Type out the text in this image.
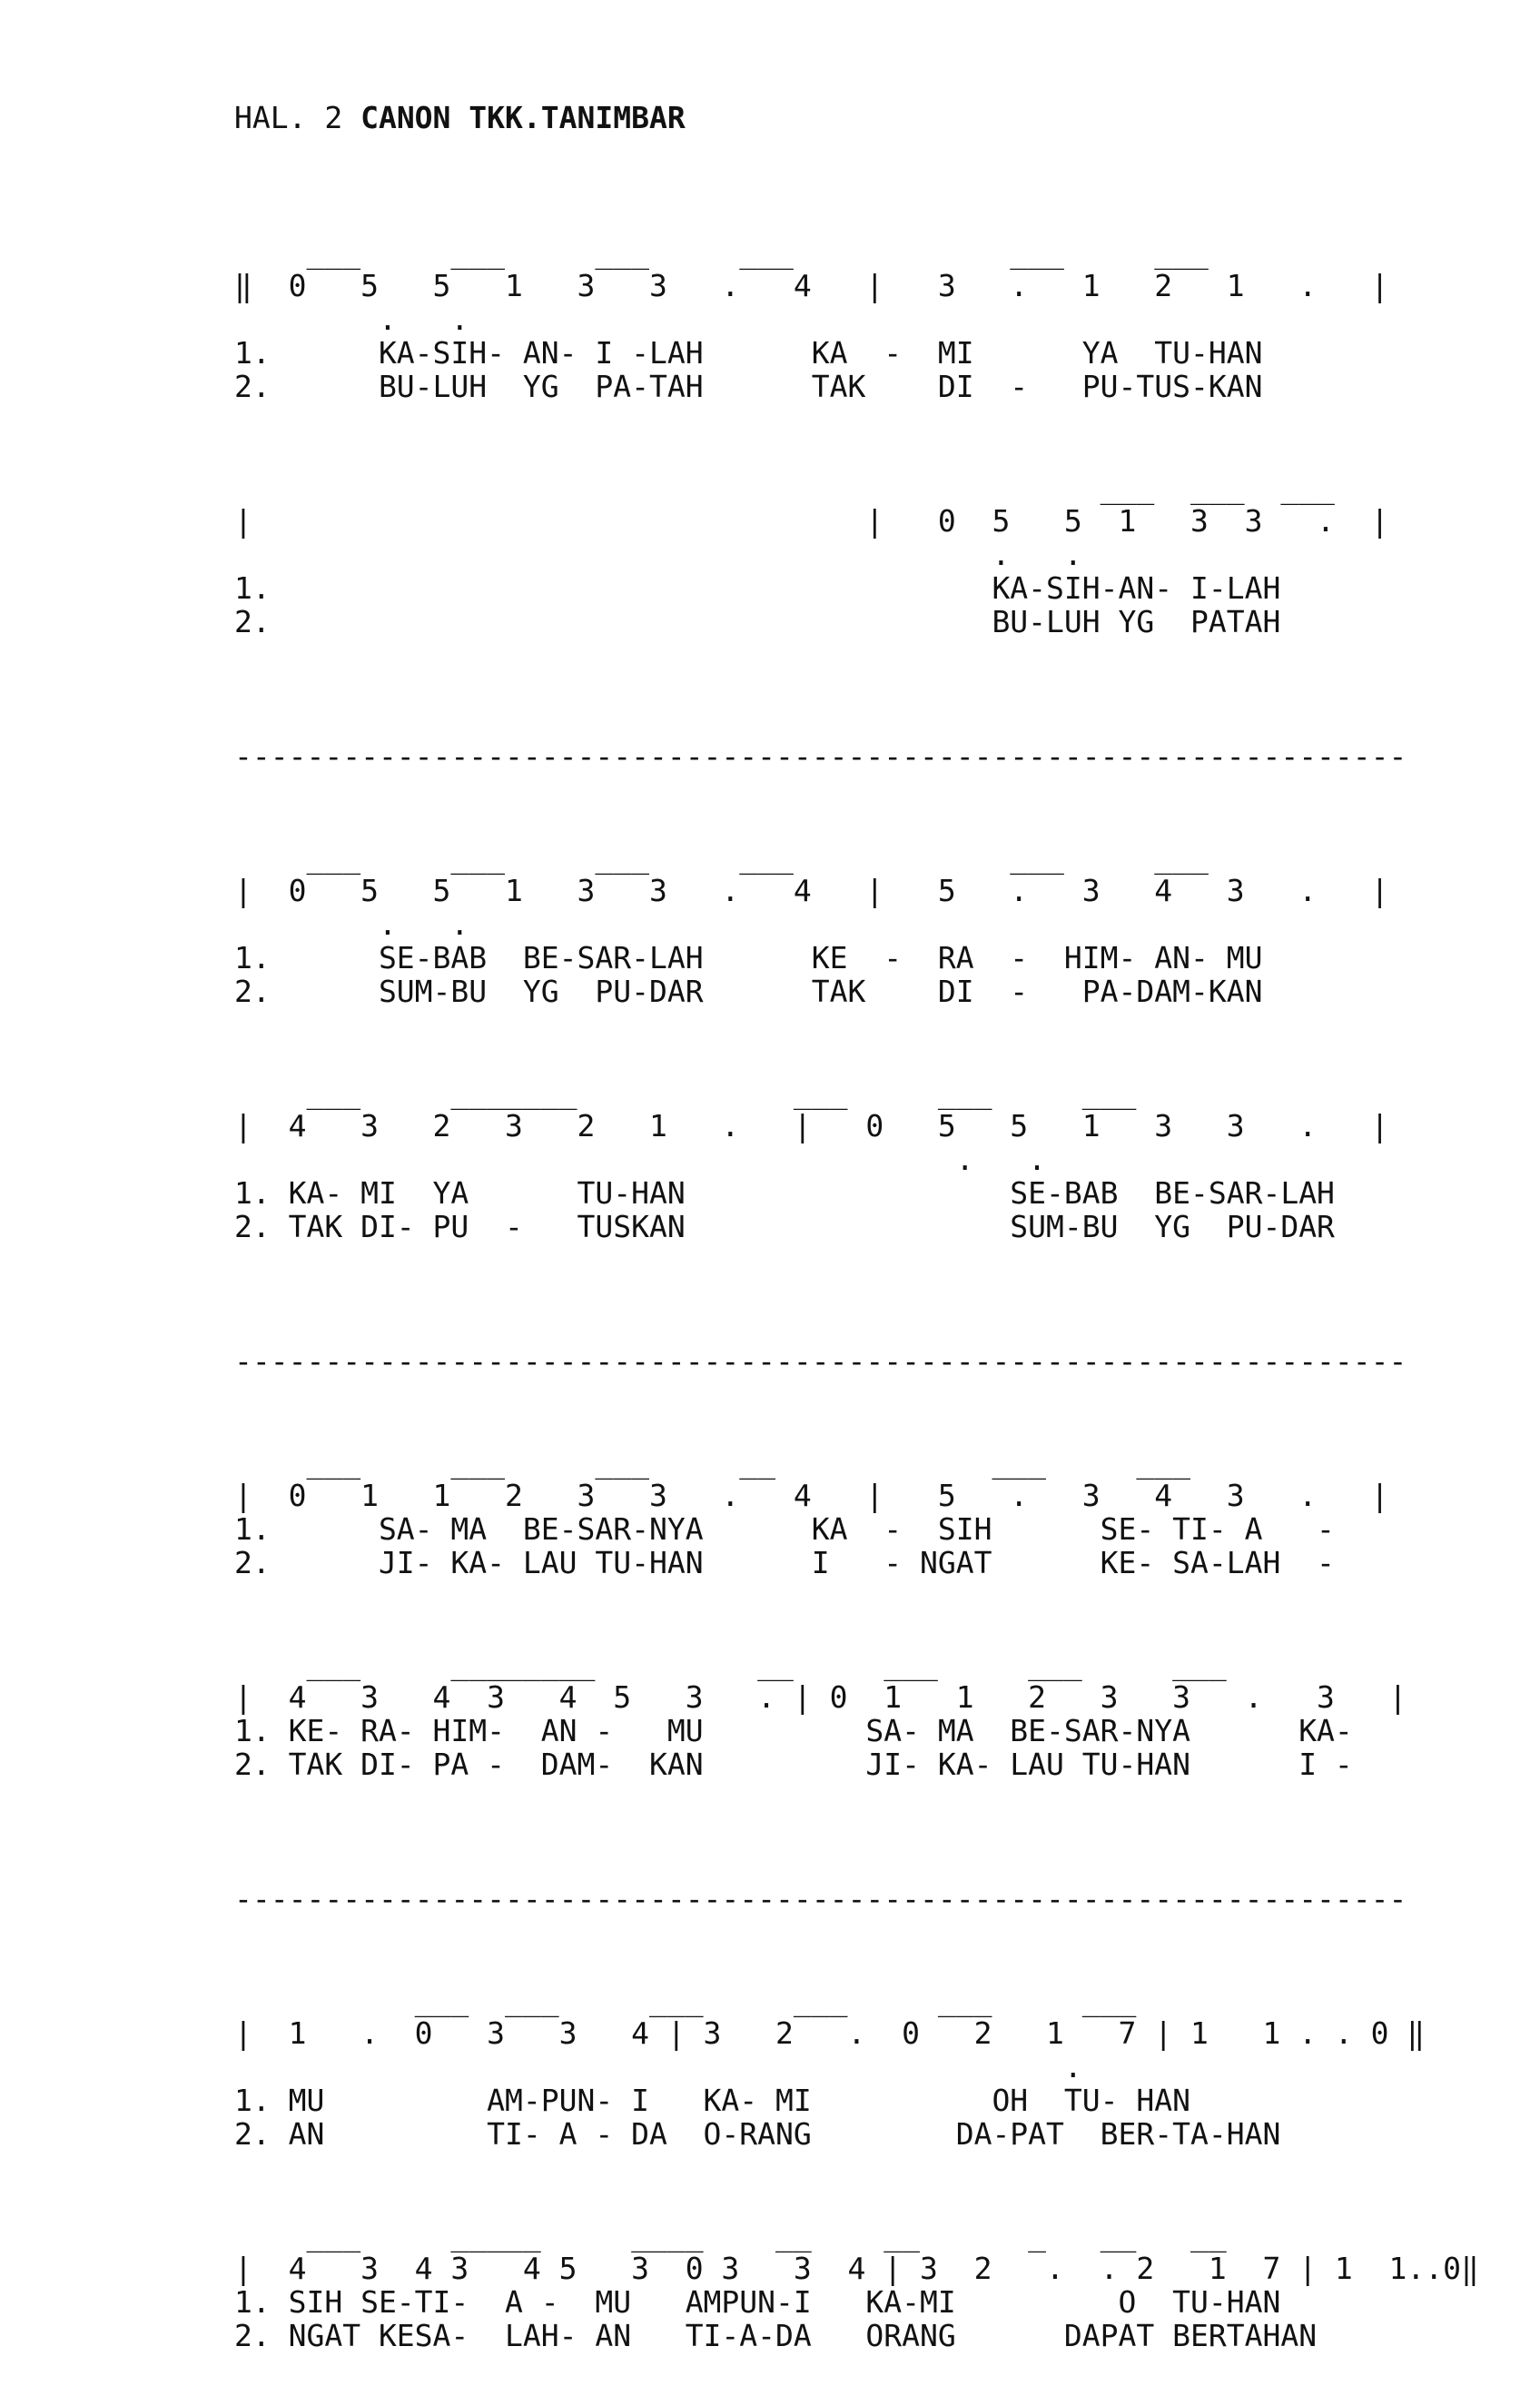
HAL. 2 CANON TKK.TANIMBAR

___     ___     ___     ___            ___     ___
‖  0   5   5   1   3   3   .   4   |   3   .   1   2   1   .   |
.   .
1.      KA-SIH- AN- I -LAH      KA  -  MI      YA  TU-HAN
2.      BU-LUH  YG  PA-TAH      TAK    DI  -   PU-TUS-KAN

___  ___  ___
|                                  |   0  5   5  1   3  3   .  |
.   .
1.                                        KA-SIH-AN- I-LAH
2.                                        BU-LUH YG  PATAH

-----------------------------------------------------------------

___     ___     ___     ___            ___     ___
|  0   5   5   1   3   3   .   4   |   5   .   3   4   3   .   |
.   .
1.      SE-BAB  BE-SAR-LAH      KE  -  RA  -  HIM- AN- MU
2.      SUM-BU  YG  PU-DAR      TAK    DI  -   PA-DAM-KAN

___     _______            ___     ___     ___
|  4   3   2   3   2   1   .   |   0   5   5   1   3   3   .   |
.   .
1. KA- MI  YA      TU-HAN                  SE-BAB  BE-SAR-LAH
2. TAK DI- PU  -   TUSKAN                  SUM-BU  YG  PU-DAR

-----------------------------------------------------------------

___     ___     ___     __            ___     ___
|  0   1   1   2   3   3   .   4   |   5   .   3   4   3   .   |
1.      SA- MA  BE-SAR-NYA      KA  -  SIH      SE- TI- A   -
2.      JI- KA- LAU TU-HAN      I   - NGAT      KE- SA-LAH  -

___     ________         __     ___     ___     ___
|  4   3   4  3   4  5   3   . | 0  1   1   2   3   3   .   3   |
1. KE- RA- HIM-  AN -   MU         SA- MA  BE-SAR-NYA      KA-
2. TAK DI- PA -  DAM-  KAN         JI- KA- LAU TU-HAN      I -

-----------------------------------------------------------------

___  ___     ___     ___     ___     ___
|  1   .  0   3   3   4 | 3   2   .  0   2   1   7 | 1   1 . . 0 ‖
.
1. MU         AM-PUN- I   KA- MI          OH  TU- HAN
2. AN         TI- A - DA  O-RANG        DA-PAT  BER-TA-HAN

___     _____     ____    __    __      _   __   __
|  4   3  4 3   4 5   3  0 3   3  4 | 3  2   .  . 2   1  7 | 1  1..0‖
1. SIH SE-TI-  A -  MU   AMPUN-I   KA-MI         O  TU-HAN
2. NGAT KESA-  LAH- AN   TI-A-DA   ORANG      DAPAT BERTAHAN
